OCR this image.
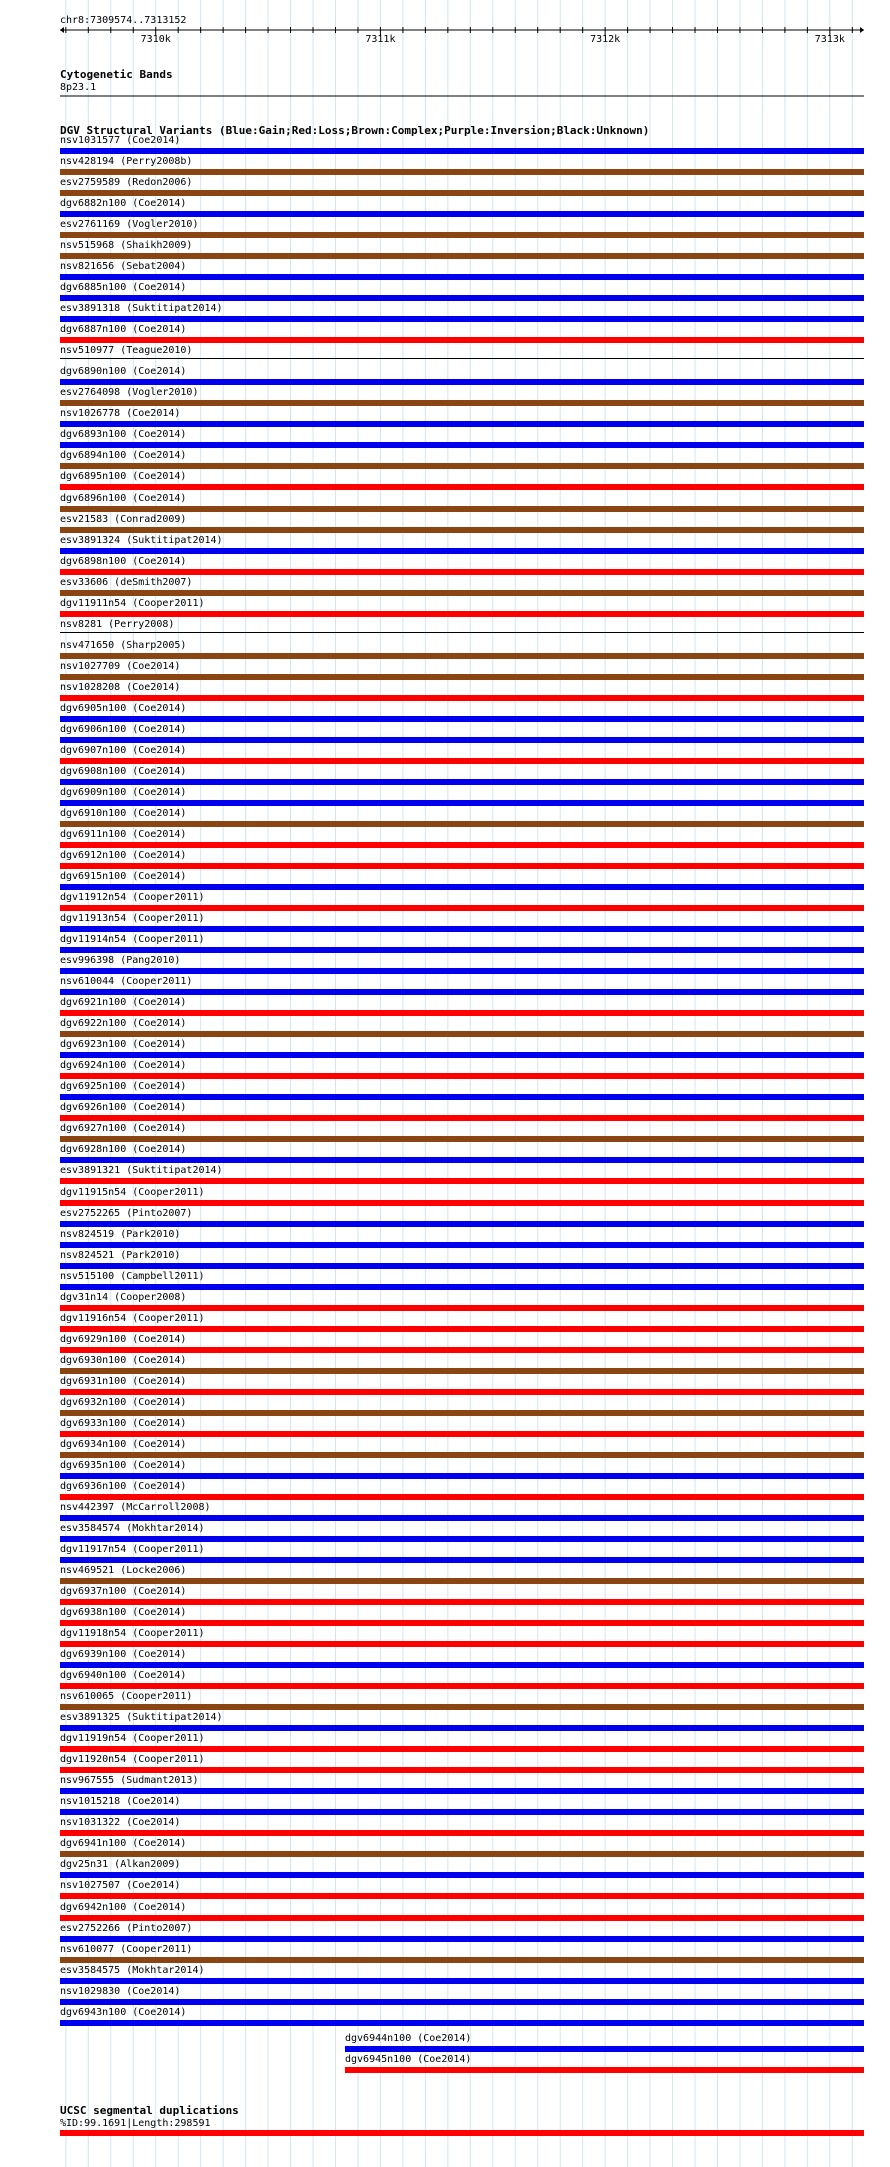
chr8:7309574..7313152
7310k	7311k	7312k	7313k
Cytogenetic Bands
8p23.1
DGV Structural Variants (Blue:Gain;Red:Loss;Brown:Complex;Purple:Inversion;Black:Unknown)
nsv1031577 (Coe2014)
nsv428194 (Perry2008b)
esv2759589 (Redon2006)
dgv6882n100 (Coe2014)
esv2761169 (Vogler2010)
nsv515968 (Shaikh2009)
nsv821656 (Sebat2004)
dgv6885n100 (Coe2014)
esv3891318 (Suktitipat2014)
dgv6887n100 (Coe2014)
nsv510977 (Teague2010)
dgv6890n100 (Coe2014)
esv2764098 (Vogler2010)
nsv1026778 (Coe2014)
dgv6893n100 (Coe2014)
dgv6894n100 (Coe2014)
dgv6895n100 (Coe2014)
dgv6896n100 (Coe2014)
esv21583 (Conrad2009)
esv3891324 (Suktitipat2014)
dgv6898n100 (Coe2014)
esv33606 (deSmith2007)
dgv11911n54 (Cooper2011)
nsv8281 (Perry2008)
nsv471650 (Sharp2005)
nsv1027709 (Coe2014)
nsv1028208 (Coe2014)
dgv6905n100 (Coe2014)
dgv6906n100 (Coe2014)
dgv6907n100 (Coe2014)
dgv6908n100 (Coe2014)
dgv6909n100 (Coe2014)
dgv6910n100 (Coe2014)
dgv6911n100 (Coe2014)
dgv6912n100 (Coe2014)
dgv6915n100 (Coe2014)
dgv11912n54 (Cooper2011)
dgv11913n54 (Cooper2011)
dgv11914n54 (Cooper2011)
esv996398 (Pang2010)
nsv610044 (Cooper2011)
dgv6921n100 (Coe2014)
dgv6922n100 (Coe2014)
dgv6923n100 (Coe2014)
dgv6924n100 (Coe2014)
dgv6925n100 (Coe2014)
dgv6926n100 (Coe2014)
dgv6927n100 (Coe2014)
dgv6928n100 (Coe2014)
esv3891321 (Suktitipat2014)
dgv11915n54 (Cooper2011)
esv2752265 (Pinto2007)
nsv824519 (Park2010)
nsv824521 (Park2010)
nsv515100 (Campbell2011)
dgv31n14 (Cooper2008)
dgv11916n54 (Cooper2011)
dgv6929n100 (Coe2014)
dgv6930n100 (Coe2014)
dgv6931n100 (Coe2014)
dgv6932n100 (Coe2014)
dgv6933n100 (Coe2014)
dgv6934n100 (Coe2014)
dgv6935n100 (Coe2014)
dgv6936n100 (Coe2014)
nsv442397 (McCarroll2008)
esv3584574 (Mokhtar2014)
dgv11917n54 (Cooper2011)
nsv469521 (Locke2006)
dgv6937n100 (Coe2014)
dgv6938n100 (Coe2014)
dgv11918n54 (Cooper2011)
dgv6939n100 (Coe2014)
dgv6940n100 (Coe2014)
nsv610065 (Cooper2011)
esv3891325 (Suktitipat2014)
dgv11919n54 (Cooper2011)
dgv11920n54 (Cooper2011)
nsv967555 (Sudmant2013)
nsv1015218 (Coe2014)
nsv1031322 (Coe2014)
dgv6941n100 (Coe2014)
dgv25n31 (Alkan2009)
nsv1027507 (Coe2014)
dgv6942n100 (Coe2014)
esv2752266 (Pinto2007)
nsv610077 (Cooper2011)
esv3584575 (Mokhtar2014)
nsv1029830 (Coe2014)
dgv6943n100 (Coe2014)
dgv6944n100 (Coe2014)
dgv6945n100 (Coe2014)
UCSC segmental duplications
%ID:99.1691|Length:298591
